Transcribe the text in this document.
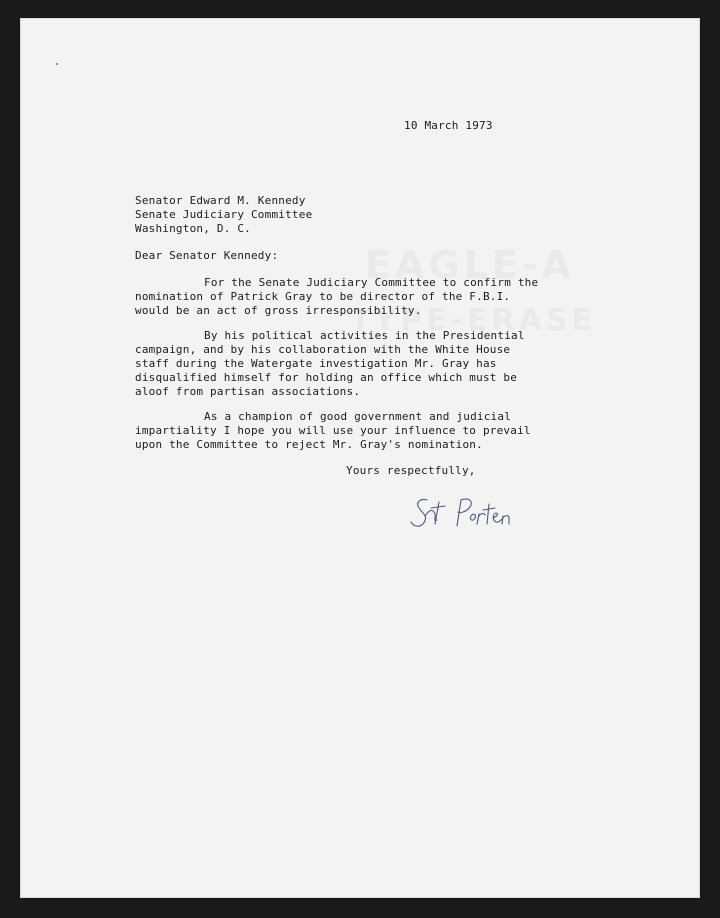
10 March 1973
Senator Edward M. Kennedy
Senate Judiciary Committee
Washington, D. C.
Dear Senator Kennedy:
For the Senate Judiciary Committee to confirm the
nomination of Patrick Gray to be director of the F.B.I.
would be an act of gross irresponsibility.
By his political activities in the Presidential
campaign, and by his collaboration with the White House
staff during the Watergate investigation Mr. Gray has
disqualified himself for holding an office which must be
aloof from partisan associations.
As a champion of good government and judicial
impartiality I hope you will use your influence to prevail
upon the Committee to reject Mr. Gray's nomination.
Yours respectfully,
